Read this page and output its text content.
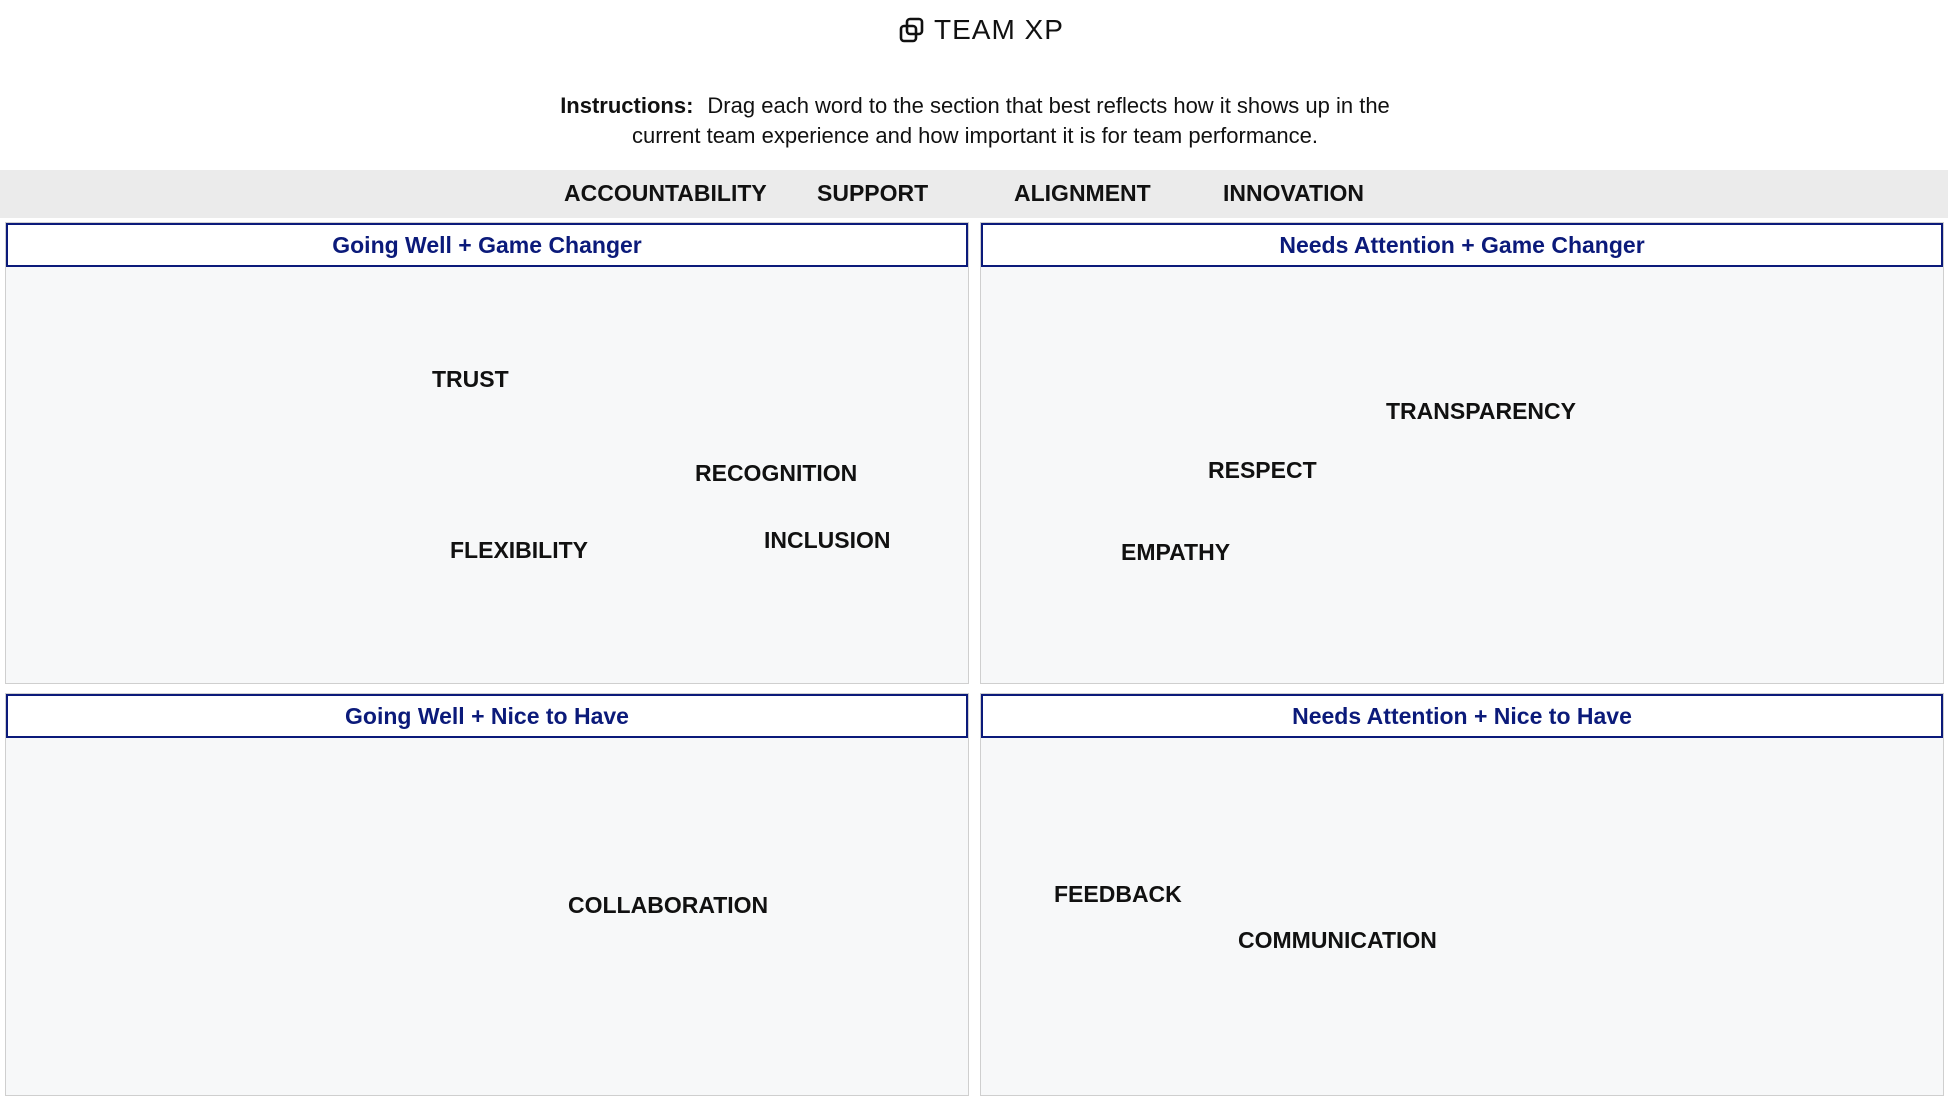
TEAM XP
Instructions: Drag each word to the section that best reflects how it shows up in the current team experience and how important it is for team performance.
ACCOUNTABILITY SUPPORT	ALIGNMENT	INNOVATION
Going Well + Game Changer
TRUST
RECOGNITION
FLEXIBILITY	INCLUSION
Needs Attention + Game Changer
TRANSPARENCY
RESPECT
EMPATHY
Going Well + Nice to Have
COLLABORATION
Needs Attention + Nice to Have
FEEDBACK
COMMUNICATION
